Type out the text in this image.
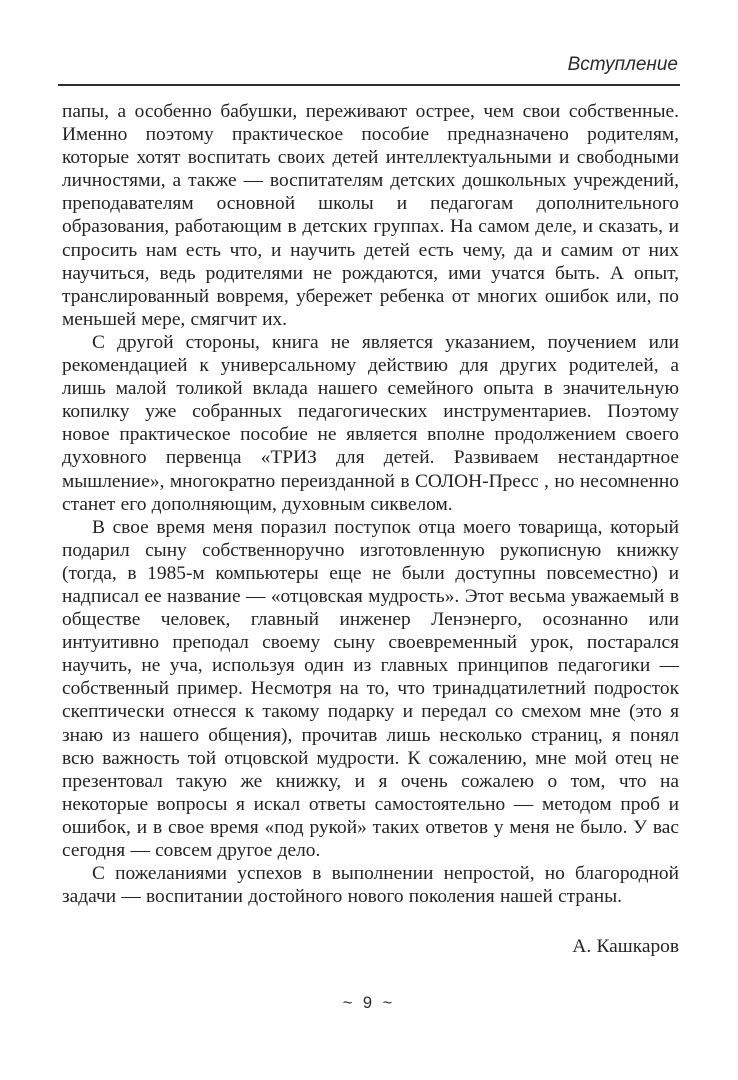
Вступление

папы, а особенно бабушки, переживают острее, чем свои собственные. Именно поэтому практическое пособие предназначено родителям, которые хотят воспитать своих детей интеллектуальными и свободными личностями, а также — воспитателям детских дошкольных учреждений, преподавателям основной школы и педагогам дополнительного образования, работающим в детских группах. На самом деле, и сказать, и спросить нам есть что, и научить детей есть чему, да и самим от них научиться, ведь родителями не рождаются, ими учатся быть. А опыт, транслированный вовремя, убережет ребенка от многих ошибок или, по меньшей мере, смягчит их.

С другой стороны, книга не является указанием, поучением или рекомендацией к универсальному действию для других родителей, а лишь малой толикой вклада нашего семейного опыта в значительную копилку уже собранных педагогических инструментариев. Поэтому новое практическое пособие не является вполне продолжением своего духовного первенца «ТРИЗ для детей. Развиваем нестандартное мышление», многократно переизданной в СОЛОН-Пресс , но несомненно станет его дополняющим, духовным сиквелом.

В свое время меня поразил поступок отца моего товарища, который подарил сыну собственноручно изготовленную рукописную книжку (тогда, в 1985-м компьютеры еще не были доступны повсеместно) и надписал ее название — «отцовская мудрость». Этот весьма уважаемый в обществе человек, главный инженер Ленэнерго, осознанно или интуитивно преподал своему сыну своевременный урок, постарался научить, не уча, используя один из главных принципов педагогики — собственный пример. Несмотря на то, что тринадцатилетний подросток скептически отнесся к такому подарку и передал со смехом мне (это я знаю из нашего общения), прочитав лишь несколько страниц, я понял всю важность той отцовской мудрости. К сожалению, мне мой отец не презентовал такую же книжку, и я очень сожалею о том, что на некоторые вопросы я искал ответы самостоятельно — методом проб и ошибок, и в свое время «под рукой» таких ответов у меня не было. У вас сегодня — совсем другое дело.

С пожеланиями успехов в выполнении непростой, но благородной задачи — воспитании достойного нового поколения нашей страны.

А. Кашкаров
~ 9 ~
